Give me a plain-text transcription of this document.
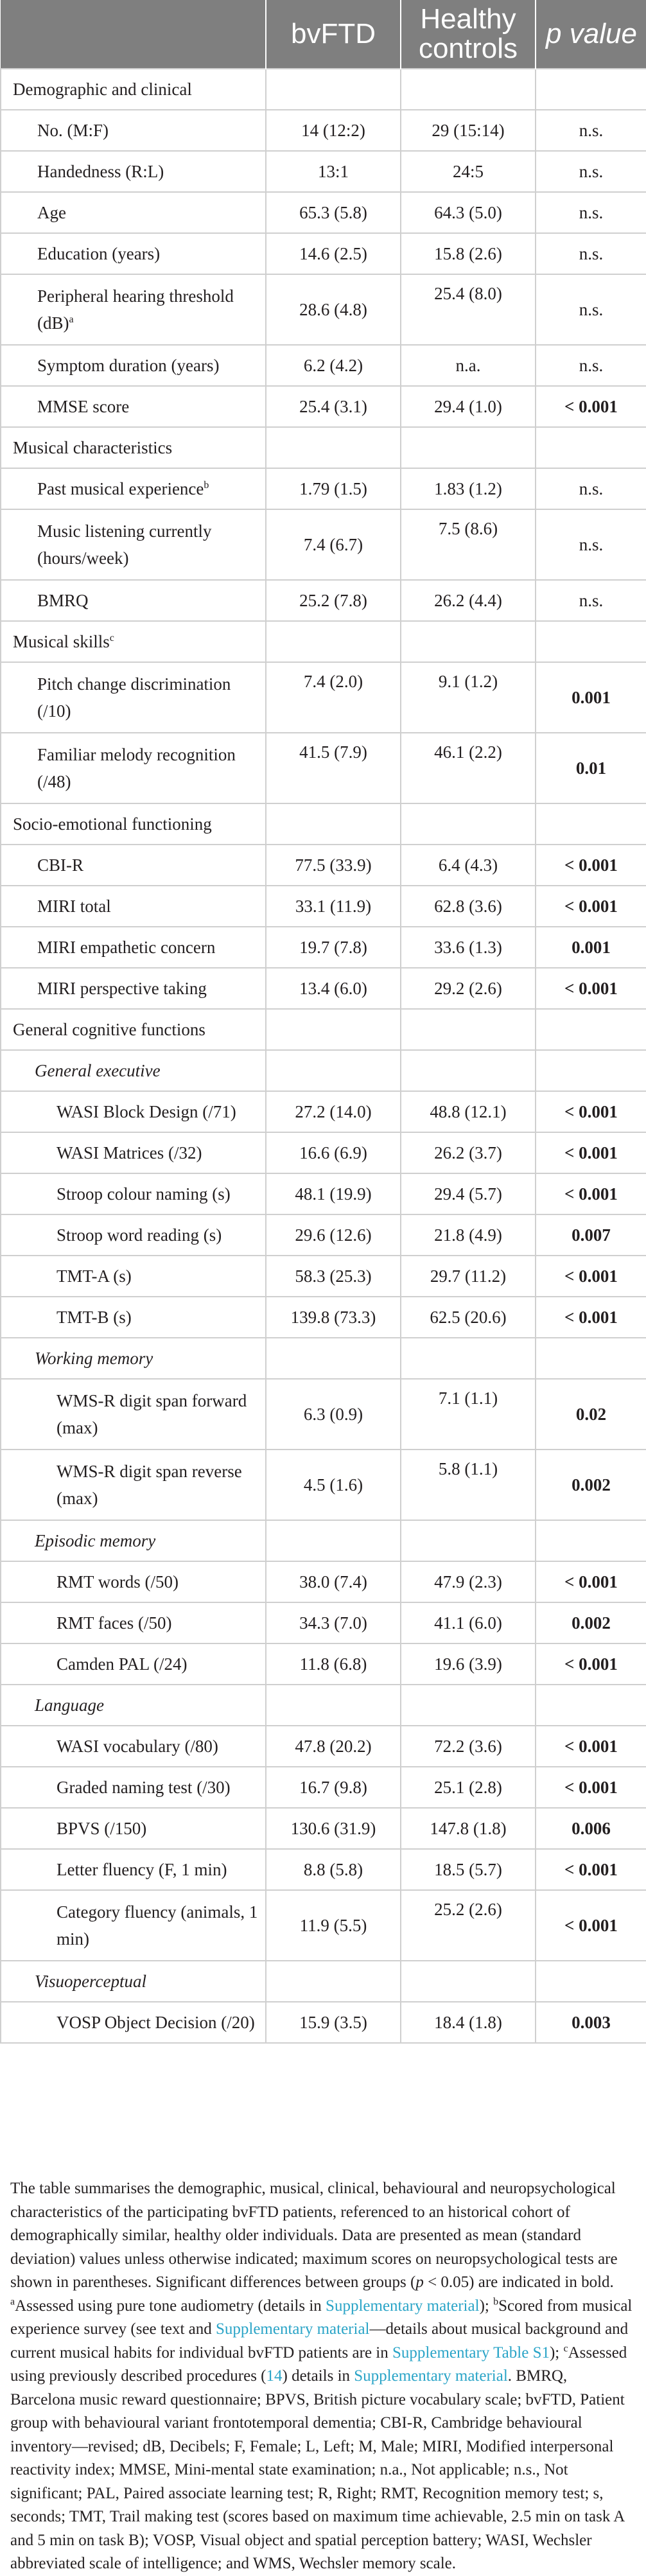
	bvFTD	Healthy controls	p value
Demographic and clinical			
No. (M:F)	14 (12:2)	29 (15:14)	n.s.
Handedness (R:L)	13:1	24:5	n.s.
Age	65.3 (5.8)	64.3 (5.0)	n.s.
Education (years)	14.6 (2.5)	15.8 (2.6)	n.s.
Peripheral hearing threshold (dB)$^a$	28.6 (4.8)	25.4 (8.0)	n.s.
Symptom duration (years)	6.2 (4.2)	n.a.	n.s.
MMSE score	25.4 (3.1)	29.4 (1.0)	< 0.001
Musical characteristics			
Past musical experience$^b$	1.79 (1.5)	1.83 (1.2)	n.s.
Music listening currently (hours/week)	7.4 (6.7)	7.5 (8.6)	n.s.
BMRQ	25.2 (7.8)	26.2 (4.4)	n.s.
Musical skills$^c$			
Pitch change discrimination (/10)	7.4 (2.0)	9.1 (1.2)	0.001
Familiar melody recognition (/48)	41.5 (7.9)	46.1 (2.2)	0.01
Socio-emotional functioning			
CBI-R	77.5 (33.9)	6.4 (4.3)	< 0.001
MIRI total	33.1 (11.9)	62.8 (3.6)	< 0.001
MIRI empathetic concern	19.7 (7.8)	33.6 (1.3)	0.001
MIRI perspective taking	13.4 (6.0)	29.2 (2.6)	< 0.001
General cognitive functions			
General executive			
WASI Block Design (/71)	27.2 (14.0)	48.8 (12.1)	< 0.001
WASI Matrices (/32)	16.6 (6.9)	26.2 (3.7)	< 0.001
Stroop colour naming (s)	48.1 (19.9)	29.4 (5.7)	< 0.001
Stroop word reading (s)	29.6 (12.6)	21.8 (4.9)	0.007
TMT-A (s)	58.3 (25.3)	29.7 (11.2)	< 0.001
TMT-B (s)	139.8 (73.3)	62.5 (20.6)	< 0.001
Working memory			
WMS-R digit span forward (max)	6.3 (0.9)	7.1 (1.1)	0.02
WMS-R digit span reverse (max)	4.5 (1.6)	5.8 (1.1)	0.002
Episodic memory			
RMT words (/50)	38.0 (7.4)	47.9 (2.3)	< 0.001
RMT faces (/50)	34.3 (7.0)	41.1 (6.0)	0.002
Camden PAL (/24)	11.8 (6.8)	19.6 (3.9)	< 0.001
Language			
WASI vocabulary (/80)	47.8 (20.2)	72.2 (3.6)	< 0.001
Graded naming test (/30)	16.7 (9.8)	25.1 (2.8)	< 0.001
BPVS (/150)	130.6 (31.9)	147.8 (1.8)	0.006
Letter fluency (F, 1 min)	8.8 (5.8)	18.5 (5.7)	< 0.001
Category fluency (animals, 1 min)	11.9 (5.5)	25.2 (2.6)	< 0.001
Visuoperceptual			
VOSP Object Decision (/20)	15.9 (3.5)	18.4 (1.8)	0.003
The table summarises the demographic, musical, clinical, behavioural and neuropsychological characteristics of the participating bvFTD patients, referenced to an historical cohort of demographically similar, healthy older individuals. Data are presented as mean (standard deviation) values unless otherwise indicated; maximum scores on neuropsychological tests are shown in parentheses. Significant differences between groups (p < 0.05) are indicated in bold. $^a$Assessed using pure tone audiometry (details in Supplementary material); $^b$Scored from musical experience survey (see text and Supplementary material—details about musical background and current musical habits for individual bvFTD patients are in Supplementary Table S1); $^c$Assessed using previously described procedures (14) details in Supplementary material. BMRQ, Barcelona music reward questionnaire; BPVS, British picture vocabulary scale; bvFTD, Patient group with behavioural variant frontotemporal dementia; CBI-R, Cambridge behavioural inventory—revised; dB, Decibels; F, Female; L, Left; M, Male; MIRI, Modified interpersonal reactivity index; MMSE, Mini-mental state examination; n.a., Not applicable; n.s., Not significant; PAL, Paired associate learning test; R, Right; RMT, Recognition memory test; s, seconds; TMT, Trail making test (scores based on maximum time achievable, 2.5 min on task A and 5 min on task B); VOSP, Visual object and spatial perception battery; WASI, Wechsler abbreviated scale of intelligence; and WMS, Wechsler memory scale.
